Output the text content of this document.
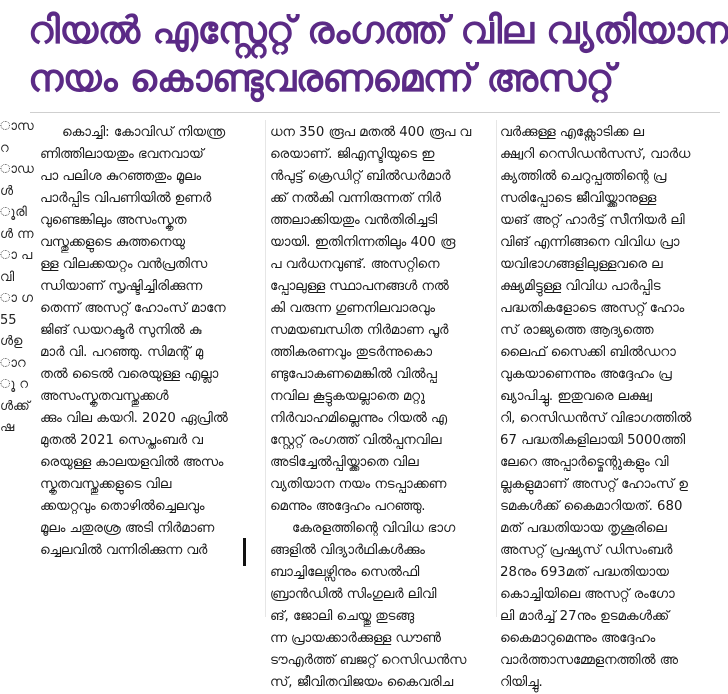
റിയൽ എസ്റ്റേറ്റ് രംഗത്ത് വില വ്യതിയാന
നയം കൊണ്ടുവരണമെന്ന് അസറ്റ്
ാസ
റ
ാഡ
ൾ
ൂരി
ൾ ന്ന
ാ പ
വി
ാ ഗ
55
ൾഉ
ാറ
ൂ റ
ൾക്ക്
ഷ
കൊച്ചി: കോവിഡ് നിയന്ത്ര
ണിത്തിലായതും ഭവനവായ്
പാ പലിശ കുറഞ്ഞതും മൂലം
പാർപ്പിട വിപണിയിൽ ഉണർ
വുണ്ടെങ്കിലും അസംസ്കൃത
വസ്തുക്കളുടെ കുത്തനെയു
ള്ള വിലക്കയറ്റം വൻപ്രതിസ
ന്ധിയാണ് സൃഷ്ടിച്ചിരിക്കുന്ന
തെന്ന് അസറ്റ് ഹോംസ് മാനേ
ജിങ് ഡയറക്ടർ സുനിൽ കു
മാർ വി. പറഞ്ഞു. സിമന്റ് മു
തൽ ടൈൽ വരെയുള്ള എല്ലാ
അസംസ്കൃതവസ്തുക്കൾ
ക്കും വില കയറി. 2020 ഏപ്രിൽ
മുതൽ 2021 സെപ്തംബർ വ
രെയുള്ള കാലയളവിൽ അസം
സ്കൃതവസ്തുക്കളുടെ വില
ക്കയറ്റവും തൊഴിൽച്ചെലവും
മൂലം ചതുരശ്ര അടി നിർമാണ
ച്ചെലവിൽ വന്നിരിക്കുന്ന വർ
ധന 350 രൂപ മതൽ 400 രൂപ വ
രെയാണ്. ജിഎസ്ടിയുടെ ഇ
ൻപുട്ട് ക്രെഡിറ്റ് ബിൽഡർമാർ
ക്ക് നൽകി വന്നിരുന്നത് നിർ
ത്തലാക്കിയതും വൻതിരിച്ചടി
യായി. ഇതിനിന്നതിലും 400 രൂ
പ വർധനവുണ്ട്. അസറ്റിനെ
പ്പോലുള്ള സ്ഥാപനങ്ങൾ നൽ
കി വരുന്ന ഗുണനിലവാരവും
സമയബന്ധിത നിർമാണ പൂർ
ത്തികരണവും തുടർന്നുകൊ
ണ്ടുപോകണമെങ്കിൽ വിൽപ്പ
നവില കൂട്ടുകയല്ലാതെ മറ്റു
നിർവാഹമില്ലെന്നും റിയൽ എ
സ്റ്റേറ്റ് രംഗത്ത് വിൽപ്പനവില
അടിച്ചേൽപ്പിയ്ക്കാതെ വില
വ്യതിയാന നയം നടപ്പാക്കണ
മെന്നും അദ്ദേഹം പറഞ്ഞു.
കേരളത്തിന്റെ വിവിധ ഭാഗ
ങ്ങളിൽ വിദ്യാർഥികൾക്കും
ബാച്ചിലേഴ്സിനും സെൽഫി
ബ്രാൻഡിൽ സിംഗുലർ ലിവി
ങ്, ജോലി ചെയ്തു തുടങ്ങു
ന്ന പ്രായക്കാർക്കുള്ള ഡൗൺ
ടൗഎർത്ത് ബജറ്റ് റെസിഡൻസ
സ്, ജീവിതവിജയം കൈവരിച
വർക്കുള്ള എക്സോടിക്ക ല
ക്ഷ്വറി റെസിഡൻസസ്, വാർധ
ക്യത്തിൽ ചെറുപ്പത്തിന്റെ പ്ര
സരിപ്പോടെ ജീവിയ്ക്കാനുള്ള
യങ് അറ്റ് ഹാർട്ട് സീനിയർ ലി
വിങ് എന്നിങ്ങനെ വിവിധ പ്രാ
യവിഭാഗങ്ങളിലുള്ളവരെ ല
ക്ഷ്യമിട്ടുള്ള വിവിധ പാർപ്പിട
പദ്ധതികളോടെ അസറ്റ് ഹോം
സ് രാജ്യത്തെ ആദ്യത്തെ
ലൈഫ് സൈക്കി ബിൽഡറാ
വുകയാണെന്നും അദ്ദേഹം പ്ര
ഖ്യാപിച്ചു. ഇതുവരെ ലക്ഷ്വ
റി, റെസിഡൻസ് വിഭാഗത്തിൽ
67 പദ്ധതികളിലായി 5000ത്തി
ലേറെ അപ്പാർട്മെന്റുകളും വി
ല്ലകളുമാണ് അസറ്റ് ഹോംസ് ഉ
ടമകൾക്ക് കൈമാറിയത്. 680
മത് പദ്ധതിയായ തൃശൂരിലെ
അസറ്റ് പ്രഷ്യസ് ഡിസംബർ
28നും 693മത് പദ്ധതിയായ
കൊച്ചിയിലെ അസറ്റ് രംഗോ
ലി മാർച്ച് 27നും ഉടമകൾക്ക്
കൈമാറുമെന്നും അദ്ദേഹം
വാർത്താസമ്മേളനത്തിൽ അ
റിയിച്ചു.
